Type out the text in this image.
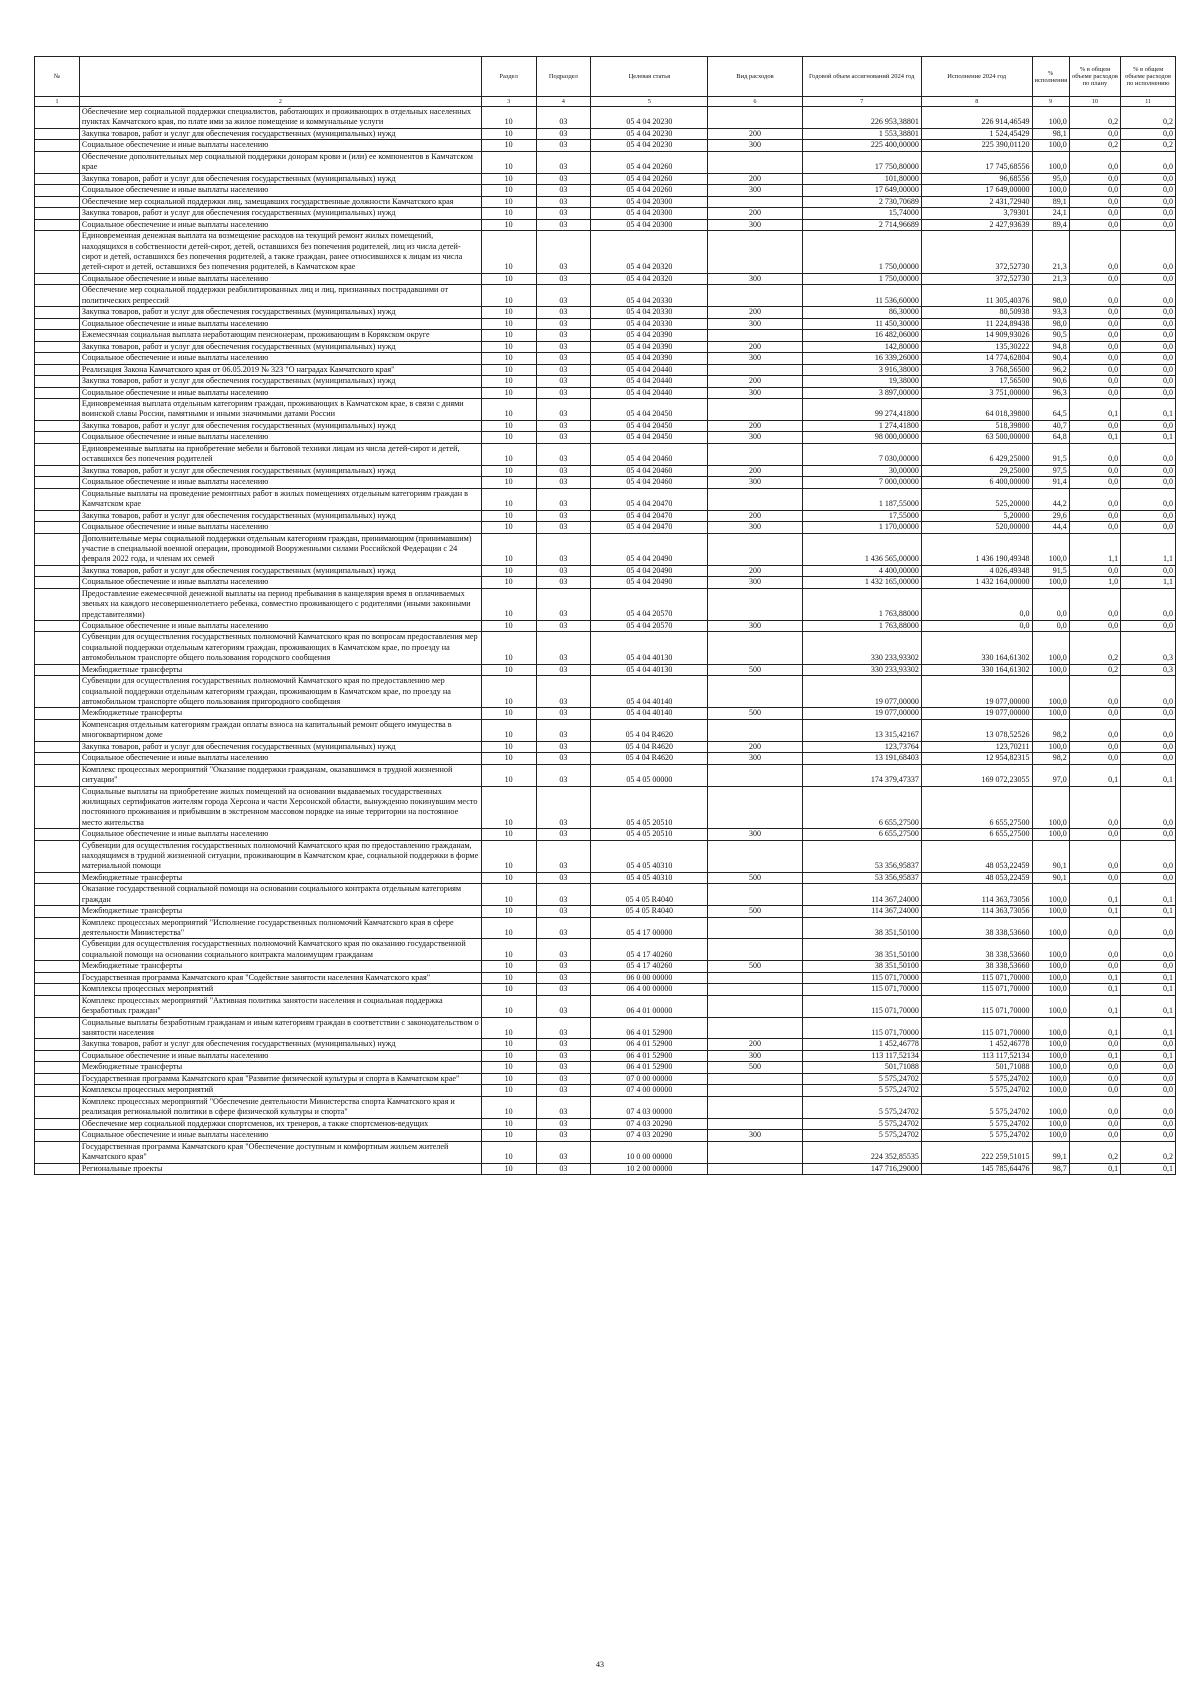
№		Раздел	Подраздел	Целевая статья	Вид расходов	Годовой объем ассигнований 2024 год	Исполнение 2024 год	% исполнения	% в общем объеме расходов по плану	% в общем объеме расходов по исполнению
1	2	3	4	5	6	7	8	9	10	11
	Обеспечение мер социальной поддержки специалистов, работающих и проживающих в отдельных населенных пунктах Камчатского края, по плате ими за жилое помещение и коммунальные услуги	10	03	05 4 04 20230		226 953,38801	226 914,46549	100,0	0,2	0,2
	Закупка товаров, работ и услуг для обеспечения государственных (муниципальных) нужд	10	03	05 4 04 20230	200	1 553,38801	1 524,45429	98,1	0,0	0,0
	Социальное обеспечение и иные выплаты населению	10	03	05 4 04 20230	300	225 400,00000	225 390,01120	100,0	0,2	0,2
	Обеспечение дополнительных мер социальной поддержки донорам крови и (или) ее компонентов в Камчатском крае	10	03	05 4 04 20260		17 750,80000	17 745,68556	100,0	0,0	0,0
	Закупка товаров, работ и услуг для обеспечения государственных (муниципальных) нужд	10	03	05 4 04 20260	200	101,80000	96,68556	95,0	0,0	0,0
	Социальное обеспечение и иные выплаты населению	10	03	05 4 04 20260	300	17 649,00000	17 649,00000	100,0	0,0	0,0
	Обеспечение мер социальной поддержки лиц, замещавших государственные должности Камчатского края	10	03	05 4 04 20300		2 730,70689	2 431,72940	89,1	0,0	0,0
	Закупка товаров, работ и услуг для обеспечения государственных (муниципальных) нужд	10	03	05 4 04 20300	200	15,74000	3,79301	24,1	0,0	0,0
	Социальное обеспечение и иные выплаты населению	10	03	05 4 04 20300	300	2 714,96689	2 427,93639	89,4	0,0	0,0
	Единовременная денежная выплата на возмещение расходов на текущий ремонт жилых помещений, находящихся в собственности детей-сирот, детей, оставшихся без попечения родителей, лиц из числа детей-сирот и детей, оставшихся без попечения родителей, а также граждан, ранее относившихся к лицам из числа детей-сирот и детей, оставшихся без попечения родителей, в Камчатском крае	10	03	05 4 04 20320		1 750,00000	372,52730	21,3	0,0	0,0
	Социальное обеспечение и иные выплаты населению	10	03	05 4 04 20320	300	1 750,00000	372,52730	21,3	0,0	0,0
	Обеспечение мер социальной поддержки реабилитированных лиц и лиц, признанных пострадавшими от политических репрессий	10	03	05 4 04 20330		11 536,60000	11 305,40376	98,0	0,0	0,0
	Закупка товаров, работ и услуг для обеспечения государственных (муниципальных) нужд	10	03	05 4 04 20330	200	86,30000	80,50938	93,3	0,0	0,0
	Социальное обеспечение и иные выплаты населению	10	03	05 4 04 20330	300	11 450,30000	11 224,89438	98,0	0,0	0,0
	Ежемесячная социальная выплата неработающим пенсионерам, проживающим в Корякском округе	10	03	05 4 04 20390		16 482,06000	14 909,93026	90,5	0,0	0,0
	Закупка товаров, работ и услуг для обеспечения государственных (муниципальных) нужд	10	03	05 4 04 20390	200	142,80000	135,30222	94,8	0,0	0,0
	Социальное обеспечение и иные выплаты населению	10	03	05 4 04 20390	300	16 339,26000	14 774,62804	90,4	0,0	0,0
	Реализация Закона Камчатского края от 06.05.2019 № 323 "О наградах Камчатского края"	10	03	05 4 04 20440		3 916,38000	3 768,56500	96,2	0,0	0,0
	Закупка товаров, работ и услуг для обеспечения государственных (муниципальных) нужд	10	03	05 4 04 20440	200	19,38000	17,56500	90,6	0,0	0,0
	Социальное обеспечение и иные выплаты населению	10	03	05 4 04 20440	300	3 897,00000	3 751,00000	96,3	0,0	0,0
	Единовременная выплата отдельным категориям граждан, проживающих в Камчатском крае, в связи с днями воинской славы России, памятными и иными значимыми датами России	10	03	05 4 04 20450		99 274,41800	64 018,39800	64,5	0,1	0,1
	Закупка товаров, работ и услуг для обеспечения государственных (муниципальных) нужд	10	03	05 4 04 20450	200	1 274,41800	518,39800	40,7	0,0	0,0
	Социальное обеспечение и иные выплаты населению	10	03	05 4 04 20450	300	98 000,00000	63 500,00000	64,8	0,1	0,1
	Единовременные выплаты на приобретение мебели и бытовой техники лицам из числа детей-сирот и детей, оставшихся без попечения родителей	10	03	05 4 04 20460		7 030,00000	6 429,25000	91,5	0,0	0,0
	Закупка товаров, работ и услуг для обеспечения государственных (муниципальных) нужд	10	03	05 4 04 20460	200	30,00000	29,25000	97,5	0,0	0,0
	Социальное обеспечение и иные выплаты населению	10	03	05 4 04 20460	300	7 000,00000	6 400,00000	91,4	0,0	0,0
	Социальные выплаты на проведение ремонтных работ в жилых помещениях отдельным категориям граждан в Камчатском крае	10	03	05 4 04 20470		1 187,55000	525,20000	44,2	0,0	0,0
	Закупка товаров, работ и услуг для обеспечения государственных (муниципальных) нужд	10	03	05 4 04 20470	200	17,55000	5,20000	29,6	0,0	0,0
	Социальное обеспечение и иные выплаты населению	10	03	05 4 04 20470	300	1 170,00000	520,00000	44,4	0,0	0,0
	Дополнительные меры социальной поддержки отдельным категориям граждан, принимающим (принимавшим) участие в специальной военной операции, проводимой Вооруженными силами Российской Федерации с 24 февраля 2022 года, и членам их семей	10	03	05 4 04 20490		1 436 565,00000	1 436 190,49348	100,0	1,1	1,1
	Закупка товаров, работ и услуг для обеспечения государственных (муниципальных) нужд	10	03	05 4 04 20490	200	4 400,00000	4 026,49348	91,5	0,0	0,0
	Социальное обеспечение и иные выплаты населению	10	03	05 4 04 20490	300	1 432 165,00000	1 432 164,00000	100,0	1,0	1,1
	Предоставление ежемесячной денежной выплаты на период пребывания в канцелярия время в оплачиваемых звеньях на каждого несовершеннолетнего ребенка, совместно проживающего с родителями (иными законными представителями)	10	03	05 4 04 20570		1 763,88000	0,0	0,0	0,0	0,0
	Социальное обеспечение и иные выплаты населению	10	03	05 4 04 20570	300	1 763,88000	0,0	0,0	0,0	0,0
	Субвенции для осуществления государственных полномочий Камчатского края по вопросам предоставления мер социальной поддержки отдельным категориям граждан, проживающих в Камчатском крае, по проезду на автомобильном транспорте общего пользования городского сообщения	10	03	05 4 04 40130		330 233,93302	330 164,61302	100,0	0,2	0,3
	Межбюджетные трансферты	10	03	05 4 04 40130	500	330 233,93302	330 164,61302	100,0	0,2	0,3
	Субвенции для осуществления государственных полномочий Камчатского края по предоставлению мер социальной поддержки отдельным категориям граждан, проживающим в Камчатском крае, по проезду на автомобильном транспорте общего пользования пригородного сообщения	10	03	05 4 04 40140		19 077,00000	19 077,00000	100,0	0,0	0,0
	Межбюджетные трансферты	10	03	05 4 04 40140	500	19 077,00000	19 077,00000	100,0	0,0	0,0
	Компенсация отдельным категориям граждан оплаты взноса на капитальный ремонт общего имущества в многоквартирном доме	10	03	05 4 04 R4620		13 315,42167	13 078,52526	98,2	0,0	0,0
	Закупка товаров, работ и услуг для обеспечения государственных (муниципальных) нужд	10	03	05 4 04 R4620	200	123,73764	123,70211	100,0	0,0	0,0
	Социальное обеспечение и иные выплаты населению	10	03	05 4 04 R4620	300	13 191,68403	12 954,82315	98,2	0,0	0,0
	Комплекс процессных мероприятий "Оказание поддержки гражданам, оказавшимся в трудной жизненной ситуации"	10	03	05 4 05 00000		174 379,47337	169 072,23055	97,0	0,1	0,1
	Социальные выплаты на приобретение жилых помещений на основании выдаваемых государственных жилищных сертификатов жителям города Херсона и части Херсонской области, вынужденно покинувшим место постоянного проживания и прибывшим в экстренном массовом порядке на иные территории на постоянное место жительства	10	03	05 4 05 20510		6 655,27500	6 655,27500	100,0	0,0	0,0
	Социальное обеспечение и иные выплаты населению	10	03	05 4 05 20510	300	6 655,27500	6 655,27500	100,0	0,0	0,0
	Субвенции для осуществления государственных полномочий Камчатского края по предоставлению гражданам, находящимся в трудной жизненной ситуации, проживающим в Камчатском крае, социальной поддержки в форме материальной помощи	10	03	05 4 05 40310		53 356,95837	48 053,22459	90,1	0,0	0,0
	Межбюджетные трансферты	10	03	05 4 05 40310	500	53 356,95837	48 053,22459	90,1	0,0	0,0
	Оказание государственной социальной помощи на основании социального контракта отдельным категориям граждан	10	03	05 4 05 R4040		114 367,24000	114 363,73056	100,0	0,1	0,1
	Межбюджетные трансферты	10	03	05 4 05 R4040	500	114 367,24000	114 363,73056	100,0	0,1	0,1
	Комплекс процессных мероприятий "Исполнение государственных полномочий Камчатского края в сфере деятельности Министерства"	10	03	05 4 17 00000		38 351,50100	38 338,53660	100,0	0,0	0,0
	Субвенции для осуществления государственных полномочий Камчатского края по оказанию государственной социальной помощи на основании социального контракта малоимущим гражданам	10	03	05 4 17 40260		38 351,50100	38 338,53660	100,0	0,0	0,0
	Межбюджетные трансферты	10	03	05 4 17 40260	500	38 351,50100	38 338,53660	100,0	0,0	0,0
	Государственная программа Камчатского края "Содействие занятости населения Камчатского края"	10	03	06 0 00 00000		115 071,70000	115 071,70000	100,0	0,1	0,1
	Комплексы процессных мероприятий	10	03	06 4 00 00000		115 071,70000	115 071,70000	100,0	0,1	0,1
	Комплекс процессных мероприятий "Активная политика занятости населения и социальная поддержка безработных граждан"	10	03	06 4 01 00000		115 071,70000	115 071,70000	100,0	0,1	0,1
	Социальные выплаты безработным гражданам и иным категориям граждан в соответствии с законодательством о занятости населения	10	03	06 4 01 52900		115 071,70000	115 071,70000	100,0	0,1	0,1
	Закупка товаров, работ и услуг для обеспечения государственных (муниципальных) нужд	10	03	06 4 01 52900	200	1 452,46778	1 452,46778	100,0	0,0	0,0
	Социальное обеспечение и иные выплаты населению	10	03	06 4 01 52900	300	113 117,52134	113 117,52134	100,0	0,1	0,1
	Межбюджетные трансферты	10	03	06 4 01 52900	500	501,71088	501,71088	100,0	0,0	0,0
	Государственная программа Камчатского края "Развитие физической культуры и спорта в Камчатском крае"	10	03	07 0 00 00000		5 575,24702	5 575,24702	100,0	0,0	0,0
	Комплексы процессных мероприятий	10	03	07 4 00 00000		5 575,24702	5 575,24702	100,0	0,0	0,0
	Комплекс процессных мероприятий "Обеспечение деятельности Министерства спорта Камчатского края и реализация региональной политики в сфере физической культуры и спорта"	10	03	07 4 03 00000		5 575,24702	5 575,24702	100,0	0,0	0,0
	Обеспечение мер социальной поддержки спортсменов, их тренеров, а также спортсменов-ведущих	10	03	07 4 03 20290		5 575,24702	5 575,24702	100,0	0,0	0,0
	Социальное обеспечение и иные выплаты населению	10	03	07 4 03 20290	300	5 575,24702	5 575,24702	100,0	0,0	0,0
	Государственная программа Камчатского края "Обеспечение доступным и комфортным жильем жителей Камчатского края"	10	03	10 0 00 00000		224 352,85535	222 259,51015	99,1	0,2	0,2
	Региональные проекты	10	03	10 2 00 00000		147 716,29000	145 785,64476	98,7	0,1	0,1
43
